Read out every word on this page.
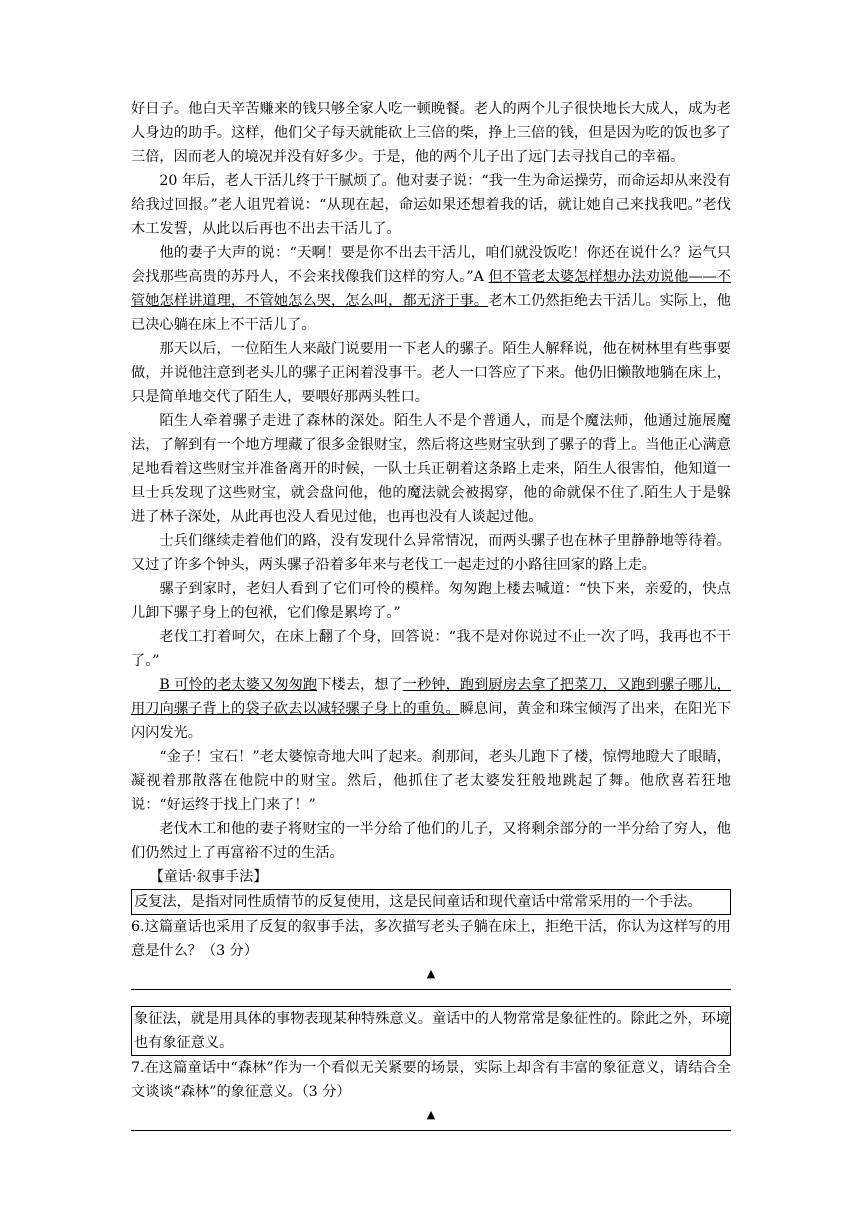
好日子。他白天辛苦赚来的钱只够全家人吃一顿晚餐。老人的两个儿子很快地长大成人，成为老人身边的助手。这样，他们父子每天就能砍上三倍的柴，挣上三倍的钱，但是因为吃的饭也多了三倍，因而老人的境况并没有好多少。于是，他的两个儿子出了远门去寻找自己的幸福。

20 年后，老人干活儿终于干腻烦了。他对妻子说：“我一生为命运操劳，而命运却从来没有给我过回报。”老人诅咒着说：“从现在起，命运如果还想着我的话，就让她自己来找我吧。”老伐木工发誓，从此以后再也不出去干活儿了。

他的妻子大声的说：“天啊！要是你不出去干活儿，咱们就没饭吃！你还在说什么？运气只会找那些高贵的苏丹人，不会来找像我们这样的穷人。”A 但不管老太婆怎样想办法劝说他——不管她怎样讲道理，不管她怎么哭，怎么叫，都无济于事。老木工仍然拒绝去干活儿。实际上，他已决心躺在床上不干活儿了。

那天以后，一位陌生人来敲门说要用一下老人的骡子。陌生人解释说，他在树林里有些事要做，并说他注意到老头儿的骡子正闲着没事干。老人一口答应了下来。他仍旧懒散地躺在床上，只是简单地交代了陌生人，要喂好那两头牲口。

陌生人牵着骡子走进了森林的深处。陌生人不是个普通人，而是个魔法师，他通过施展魔法，了解到有一个地方埋藏了很多金银财宝，然后将这些财宝驮到了骡子的背上。当他正心满意足地看着这些财宝并准备离开的时候，一队士兵正朝着这条路上走来，陌生人很害怕，他知道一旦士兵发现了这些财宝，就会盘问他，他的魔法就会被揭穿，他的命就保不住了.陌生人于是躲进了林子深处，从此再也没人看见过他，也再也没有人谈起过他。

士兵们继续走着他们的路，没有发现什么异常情况，而两头骡子也在林子里静静地等待着。又过了许多个钟头，两头骡子沿着多年来与老伐工一起走过的小路往回家的路上走。

骡子到家时，老妇人看到了它们可怜的模样。匆匆跑上楼去喊道：“快下来，亲爱的，快点儿卸下骡子身上的包袱，它们像是累垮了。”

老伐工打着呵欠，在床上翻了个身，回答说：“我不是对你说过不止一次了吗，我再也不干了。”

B 可怜的老太婆又匆匆跑下楼去，想了一秒钟，跑到厨房去拿了把菜刀，又跑到骡子哪儿，用刀向骡子背上的袋子砍去以减轻骡子身上的重负。瞬息间，黄金和珠宝倾泻了出来，在阳光下闪闪发光。

“金子！宝石！”老太婆惊奇地大叫了起来。刹那间，老头儿跑下了楼，惊愕地瞪大了眼睛，凝视着那散落在他院中的财宝。然后，他抓住了老太婆发狂般地跳起了舞。他欣喜若狂地说：“好运终于找上门来了！”

老伐木工和他的妻子将财宝的一半分给了他们的儿子，又将剩余部分的一半分给了穷人，他们仍然过上了再富裕不过的生活。

【童话·叙事手法】

反复法，是指对同性质情节的反复使用，这是民间童话和现代童话中常常采用的一个手法。

6.这篇童话也采用了反复的叙事手法，多次描写老头子躺在床上，拒绝干活，你认为这样写的用意是什么？（3 分）

▲
象征法，就是用具体的事物表现某种特殊意义。童话中的人物常常是象征性的。除此之外，环境也有象征意义。

7.在这篇童话中“森林”作为一个看似无关紧要的场景，实际上却含有丰富的象征意义，请结合全文谈谈“森林”的象征意义。（3 分）

▲
